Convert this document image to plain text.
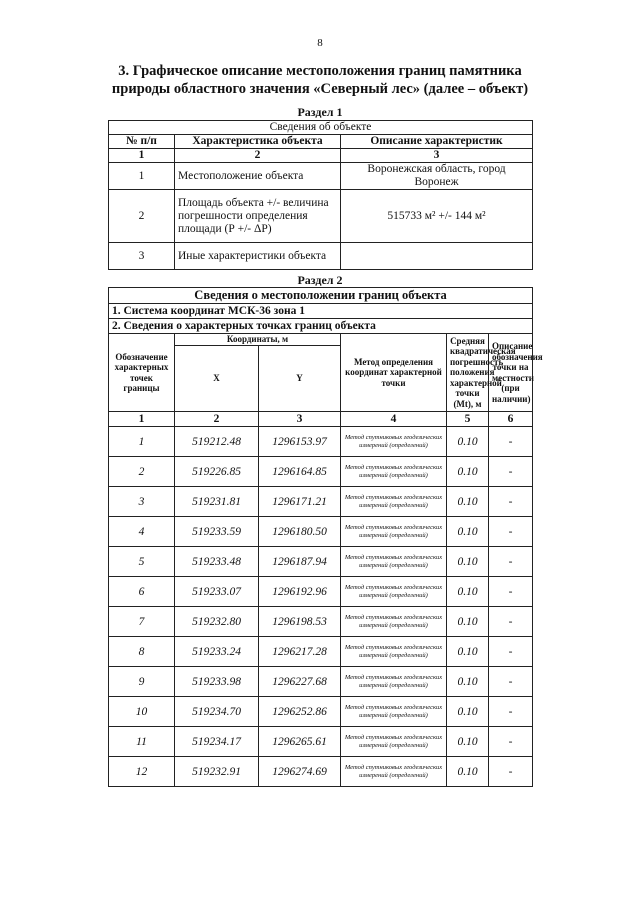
8
3. Графическое описание местоположения границ памятника природы областного значения «Северный лес» (далее – объект)
Раздел 1
Сведения об объекте		
№ п/п	Характеристика объекта	Описание характеристик
1	2	3
1	Местоположение объекта	Воронежская область, город Воронеж
2	Площадь объекта +/- величина погрешности определения площади (Р +/- ΔР)	515733 м² +/- 144 м²
3	Иные характеристики объекта	
Раздел 2
Сведения о местоположении границ объекта					
1. Система координат МСК-36 зона 1					
2. Сведения о характерных точках границ объекта					
Обозначение характерных точек границы	Координаты, м		Метод определения координат характерной точки	Средняя квадратическая погрешность положения характерной точки (Mt), м	Описание обозначения точки на местности (при наличии)
	X	Y			
1	2	3	4	5	6
1	519212.48	1296153.97	Метод спутниковых геодезических измерений (определений)	0.10	-
2	519226.85	1296164.85	Метод спутниковых геодезических измерений (определений)	0.10	-
3	519231.81	1296171.21	Метод спутниковых геодезических измерений (определений)	0.10	-
4	519233.59	1296180.50	Метод спутниковых геодезических измерений (определений)	0.10	-
5	519233.48	1296187.94	Метод спутниковых геодезических измерений (определений)	0.10	-
6	519233.07	1296192.96	Метод спутниковых геодезических измерений (определений)	0.10	-
7	519232.80	1296198.53	Метод спутниковых геодезических измерений (определений)	0.10	-
8	519233.24	1296217.28	Метод спутниковых геодезических измерений (определений)	0.10	-
9	519233.98	1296227.68	Метод спутниковых геодезических измерений (определений)	0.10	-
10	519234.70	1296252.86	Метод спутниковых геодезических измерений (определений)	0.10	-
11	519234.17	1296265.61	Метод спутниковых геодезических измерений (определений)	0.10	-
12	519232.91	1296274.69	Метод спутниковых геодезических измерений (определений)	0.10	-
